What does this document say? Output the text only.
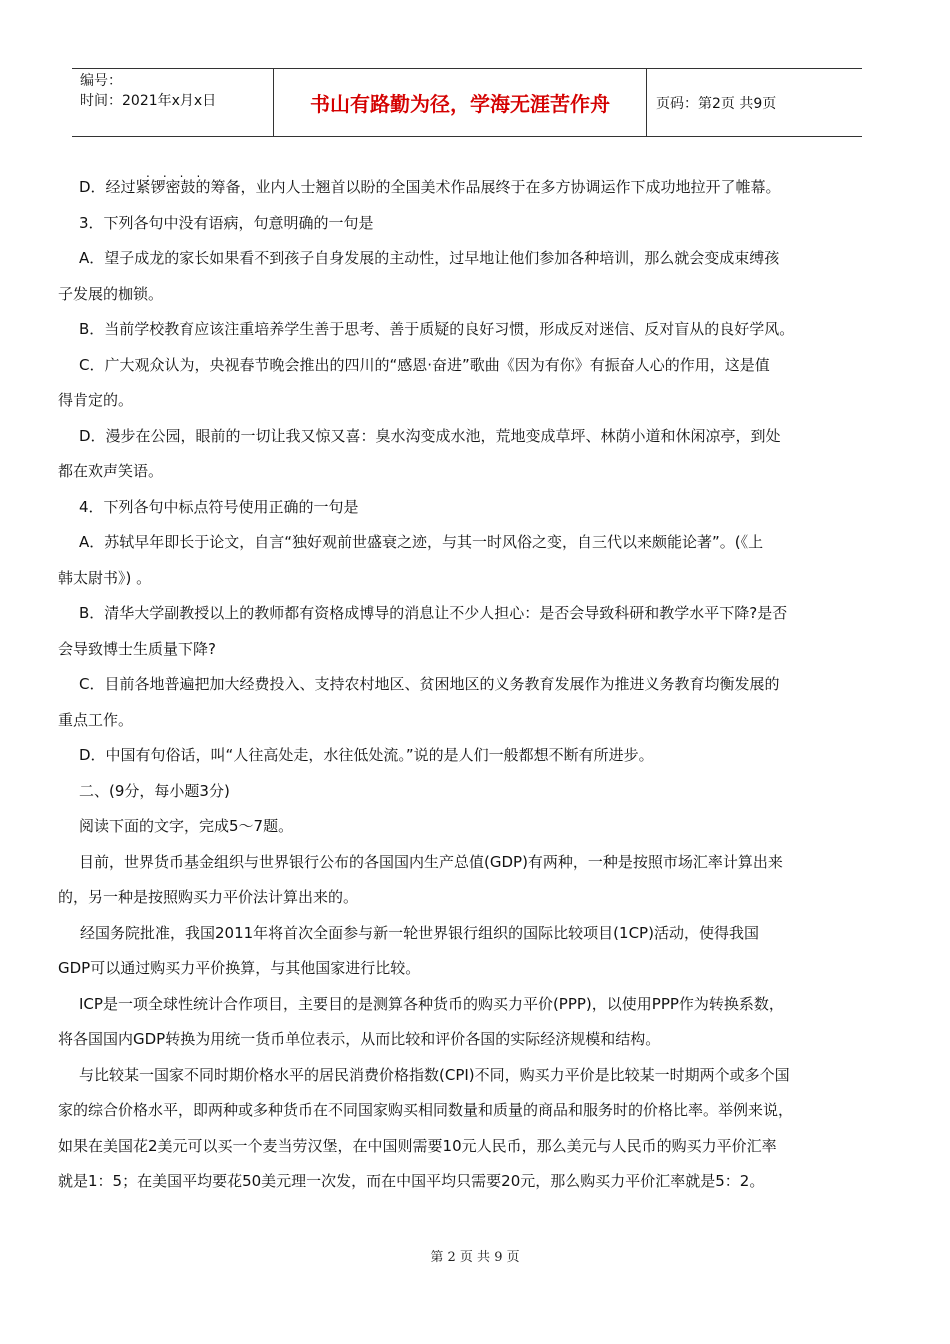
编号：
时间：2021年x月x日	书山有路勤为径，学海无涯苦作舟	页码：第2页 共9页
....

D．经过紧锣密鼓的筹备，业内人士翘首以盼的全国美术作品展终于在多方协调运作下成功地拉开了帷幕。

3．下列各句中没有语病，句意明确的一句是

A．望子成龙的家长如果看不到孩子自身发展的主动性，过早地让他们参加各种培训，那么就会变成束缚孩

子发展的枷锁。

B．当前学校教育应该注重培养学生善于思考、善于质疑的良好习惯，形成反对迷信、反对盲从的良好学风。

C．广大观众认为，央视春节晚会推出的四川的“感恩·奋进”歌曲《因为有你》有振奋人心的作用，这是值

得肯定的。

D．漫步在公园，眼前的一切让我又惊又喜：臭水沟变成水池，荒地变成草坪、林荫小道和休闲凉亭，到处

都在欢声笑语。

4．下列各句中标点符号使用正确的一句是

A．苏轼早年即长于论文，自言“独好观前世盛衰之迹，与其一时风俗之变，自三代以来颇能论著”。(《上

韩太尉书》) 。

B．清华大学副教授以上的教师都有资格成博导的消息让不少人担心：是否会导致科研和教学水平下降?是否

会导致博士生质量下降?

C．目前各地普遍把加大经费投入、支持农村地区、贫困地区的义务教育发展作为推进义务教育均衡发展的

重点工作。

D．中国有句俗话，叫“人往高处走，水往低处流。”说的是人们一般都想不断有所进步。

二、(9分，每小题3分)

阅读下面的文字，完成5～7题。

目前，世界货币基金组织与世界银行公布的各国国内生产总值(GDP)有两种，一种是按照市场汇率计算出来

的，另一种是按照购买力平价法计算出来的。

经国务院批准，我国2011年将首次全面参与新一轮世界银行组织的国际比较项目(1CP)活动，使得我国

GDP可以通过购买力平价换算，与其他国家进行比较。

ICP是一项全球性统计合作项目，主要目的是测算各种货币的购买力平价(PPP)，以使用PPP作为转换系数，

将各国国内GDP转换为用统一货币单位表示，从而比较和评价各国的实际经济规模和结构。

与比较某一国家不同时期价格水平的居民消费价格指数(CPI)不同，购买力平价是比较某一时期两个或多个国

家的综合价格水平，即两种或多种货币在不同国家购买相同数量和质量的商品和服务时的价格比率。举例来说，

如果在美国花2美元可以买一个麦当劳汉堡，在中国则需要10元人民币，那么美元与人民币的购买力平价汇率

就是1：5；在美国平均要花50美元理一次发，而在中国平均只需要20元，那么购买力平价汇率就是5：2。

第 2 页 共 9 页
